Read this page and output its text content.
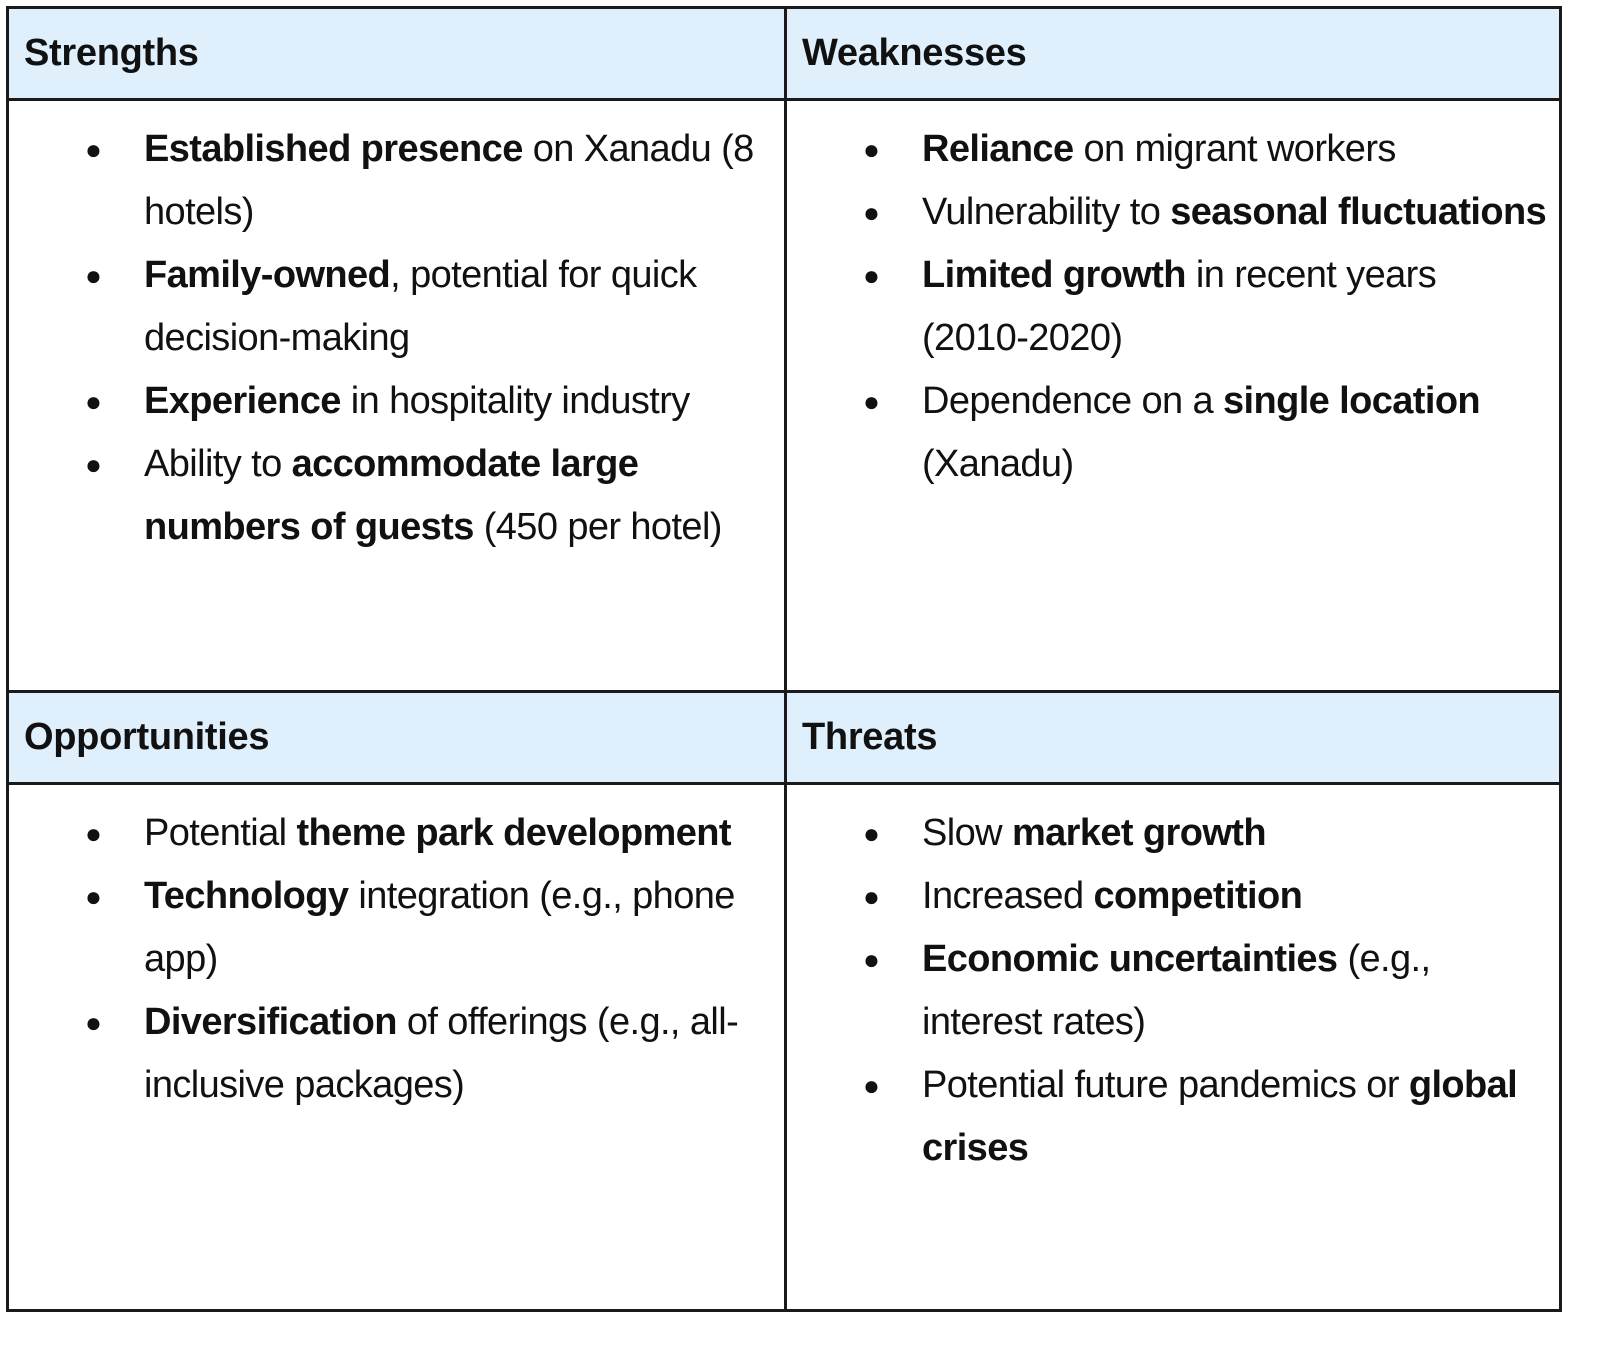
Strengths
● Established presence on Xanadu (8 hotels)
● Family-owned, potential for quick decision-making
● Experience in hospitality industry
● Ability to accommodate large numbers of guests (450 per hotel)
Weaknesses
● Reliance on migrant workers
● Vulnerability to seasonal fluctuations
● Limited growth in recent years (2010-2020)
● Dependence on a single location (Xanadu)
Opportunities
● Potential theme park development
● Technology integration (e.g., phone app)
● Diversification of offerings (e.g., all-inclusive packages)
Threats
● Slow market growth
● Increased competition
● Economic uncertainties (e.g., interest rates)
● Potential future pandemics or global crises
